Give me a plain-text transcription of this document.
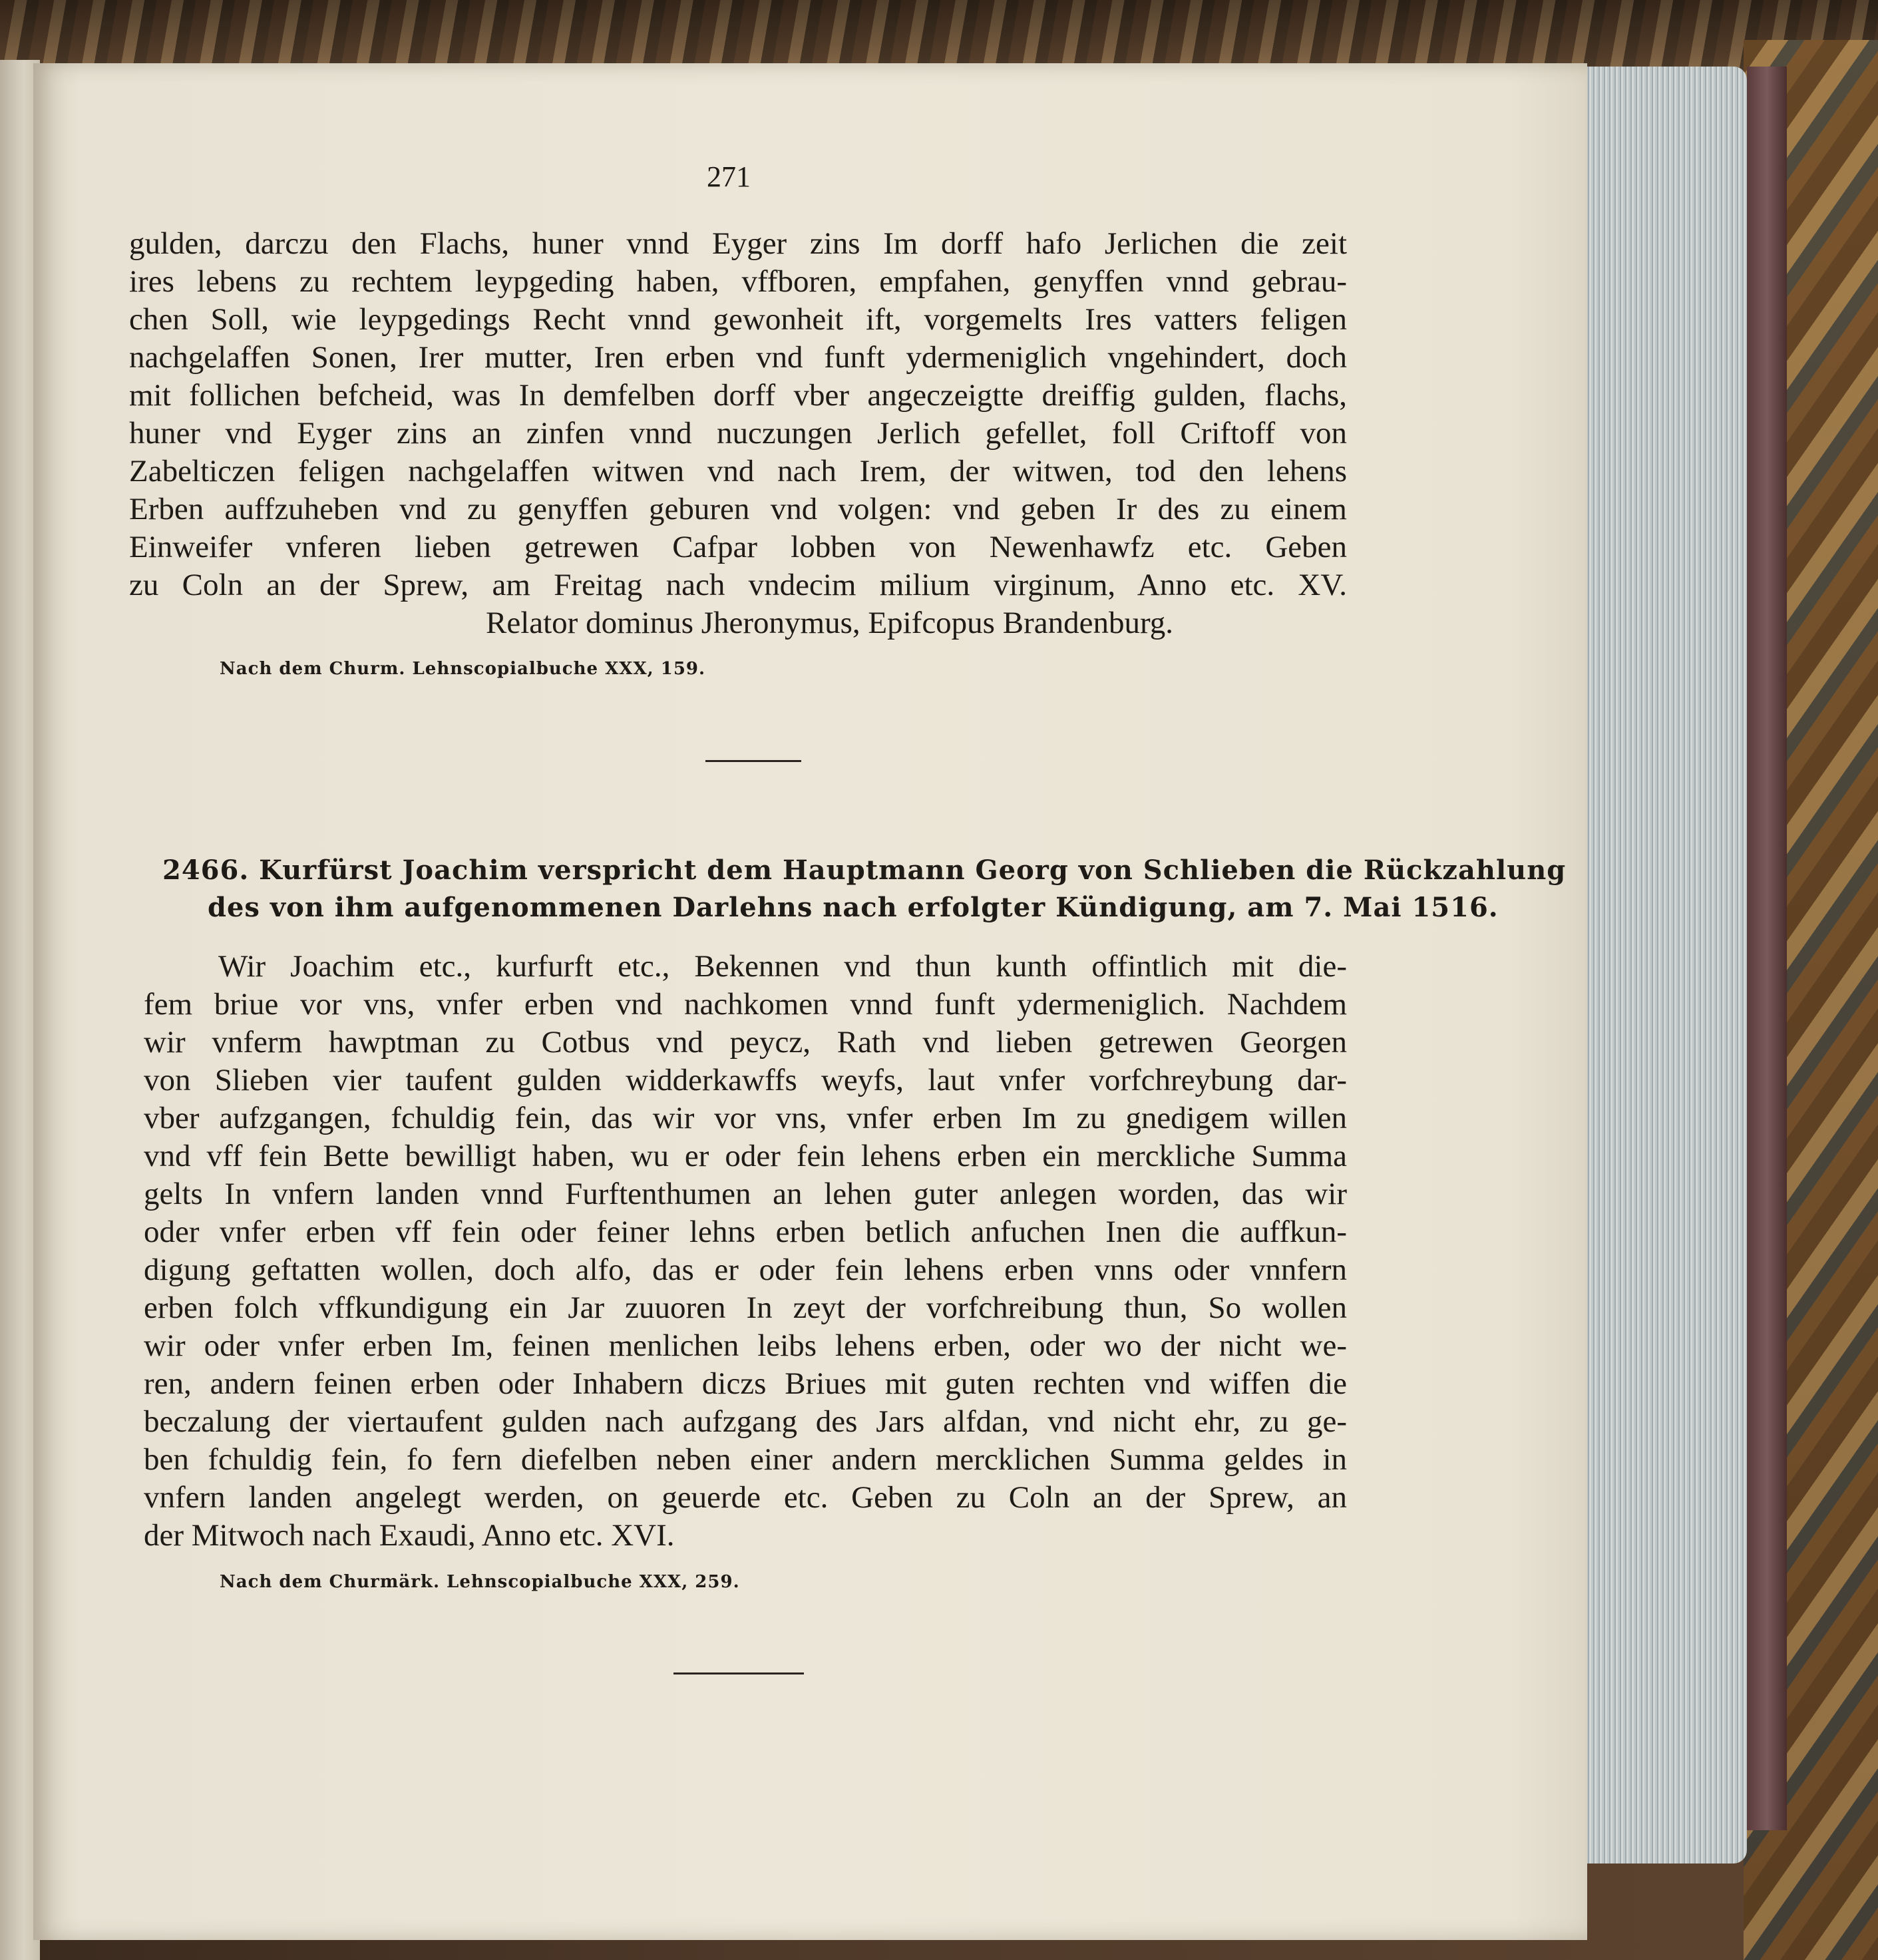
271
gulden, darczu den Flachs, huner vnnd Eyger zins Im dorff hafo Jerlichen die zeit
ires lebens zu rechtem leypgeding haben, vffboren, empfahen, genyffen vnnd gebrau-
chen Soll, wie leypgedings Recht vnnd gewonheit ift, vorgemelts Ires vatters feligen
nachgelaffen Sonen, Irer mutter, Iren erben vnd funft ydermeniglich vngehindert, doch
mit follichen befcheid, was In demfelben dorff vber angeczeigtte dreiffig gulden, flachs,
huner vnd Eyger zins an zinfen vnnd nuczungen Jerlich gefellet, foll Criftoff von
Zabelticzen feligen nachgelaffen witwen vnd nach Irem, der witwen, tod den lehens
Erben auffzuheben vnd zu genyffen geburen vnd volgen: vnd geben Ir des zu einem
Einweifer vnferen lieben getrewen Cafpar lobben von Newenhawfz etc. Geben
zu Coln an der Sprew, am Freitag nach vndecim milium virginum, Anno etc. XV.
Relator dominus Jheronymus, Epifcopus Brandenburg.
Nach dem Churm. Lehnscopialbuche XXX, 159.
2466. Kurfürst Joachim verspricht dem Hauptmann Georg von Schlieben die Rückzahlung
des von ihm aufgenommenen Darlehns nach erfolgter Kündigung, am 7. Mai 1516.
Wir Joachim etc., kurfurft etc., Bekennen vnd thun kunth offintlich mit die-
fem briue vor vns, vnfer erben vnd nachkomen vnnd funft ydermeniglich. Nachdem
wir vnferm hawptman zu Cotbus vnd peycz, Rath vnd lieben getrewen Georgen
von Slieben vier taufent gulden widderkawffs weyfs, laut vnfer vorfchreybung dar-
vber aufzgangen, fchuldig fein, das wir vor vns, vnfer erben Im zu gnedigem willen
vnd vff fein Bette bewilligt haben, wu er oder fein lehens erben ein merckliche Summa
gelts In vnfern landen vnnd Furftenthumen an lehen guter anlegen worden, das wir
oder vnfer erben vff fein oder feiner lehns erben betlich anfuchen Inen die auffkun-
digung geftatten wollen, doch alfo, das er oder fein lehens erben vnns oder vnnfern
erben folch vffkundigung ein Jar zuuoren In zeyt der vorfchreibung thun, So wollen
wir oder vnfer erben Im, feinen menlichen leibs lehens erben, oder wo der nicht we-
ren, andern feinen erben oder Inhabern diczs Briues mit guten rechten vnd wiffen die
beczalung der viertaufent gulden nach aufzgang des Jars alfdan, vnd nicht ehr, zu ge-
ben fchuldig fein, fo fern diefelben neben einer andern mercklichen Summa geldes in
vnfern landen angelegt werden, on geuerde etc. Geben zu Coln an der Sprew, an
der Mitwoch nach Exaudi, Anno etc. XVI.
Nach dem Churmärk. Lehnscopialbuche XXX, 259.
